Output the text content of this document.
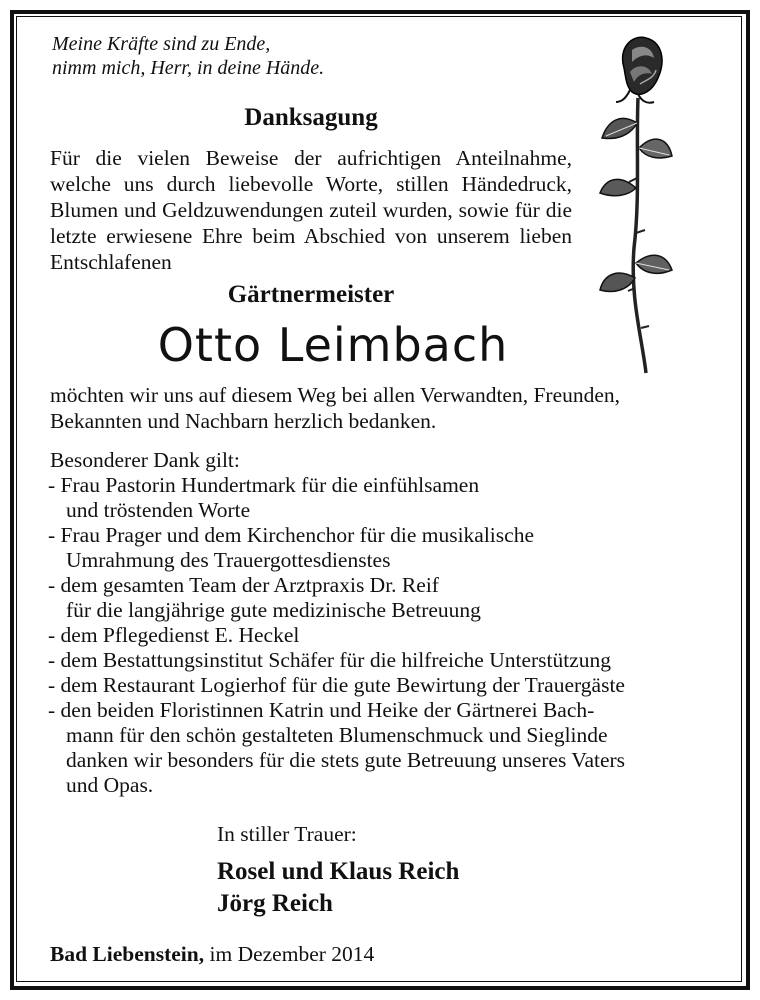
Meine Kräfte sind zu Ende,
nimm mich, Herr, in deine Hände.
Danksagung
Für die vielen Beweise der aufrichtigen Anteilnahme, welche uns durch liebevolle Worte, stillen Händedruck, Blumen und Geldzuwendungen zuteil wurden, sowie für die letzte erwiesene Ehre beim Abschied von unserem lieben Entschlafenen
Gärtnermeister
Otto Leimbach
möchten wir uns auf diesem Weg bei allen Verwandten, Freunden,
Bekannten und Nachbarn herzlich bedanken.
Besonderer Dank gilt:
- Frau Pastorin Hundertmark für die einfühlsamen
und tröstenden Worte
- Frau Prager und dem Kirchenchor für die musikalische
Umrahmung des Trauergottesdienstes
- dem gesamten Team der Arztpraxis Dr. Reif
für die langjährige gute medizinische Betreuung
- dem Pflegedienst E. Heckel
- dem Bestattungsinstitut Schäfer für die hilfreiche Unterstützung
- dem Restaurant Logierhof für die gute Bewirtung der Trauergäste
- den beiden Floristinnen Katrin und Heike der Gärtnerei Bach-
mann für den schön gestalteten Blumenschmuck und Sieglinde
danken wir besonders für die stets gute Betreuung unseres Vaters
und Opas.
In stiller Trauer:
Rosel und Klaus Reich
Jörg Reich
Bad Liebenstein, im Dezember 2014
